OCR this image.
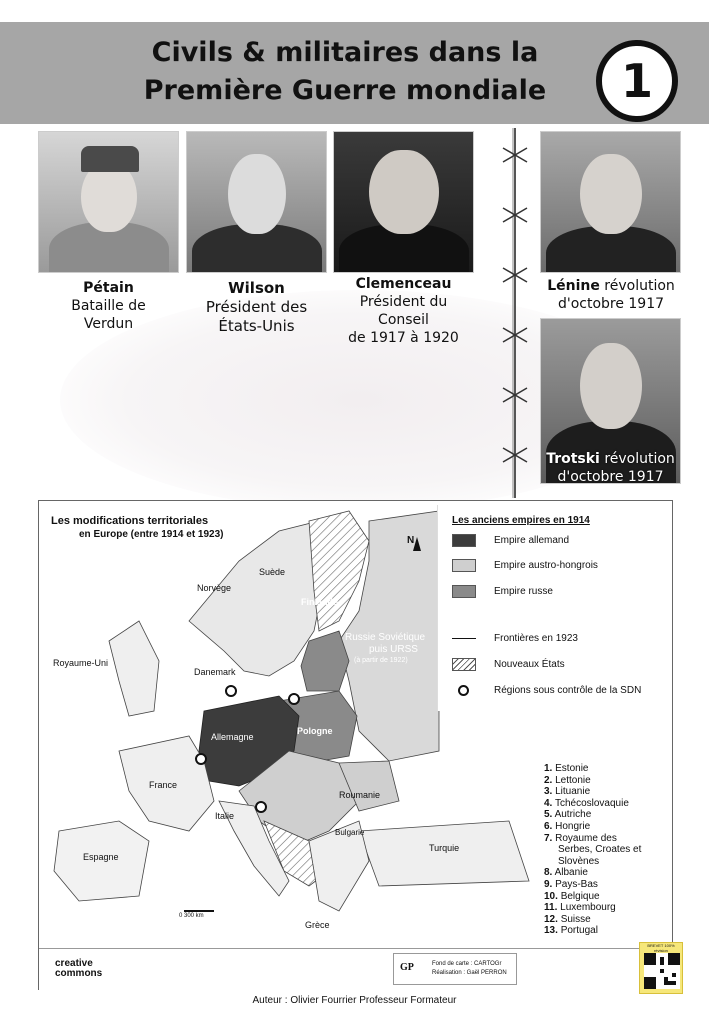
Civils & militaires dans la
Première Guerre mondiale	1
Pétain
Bataille de
Verdun
Wilson
Président des
États-Unis
Clemenceau
Président du
Conseil
de 1917 à 1920
Lénine révolution
d'octobre 1917
Trotski révolution
d'octobre 1917
Les modifications territoriales
en Europe (entre 1914 et 1923)
N
Suède
Norvège
Finlande
Russie Soviétique
puis URSS
(à partir de 1922)
Royaume-Uni
Danemark
Allemagne
Pologne
France
Roumanie
Italie
Bulgarie
Espagne
Turquie
Grèce
0 300 km
Les anciens empires en 1914
Empire allemand
Empire austro-hongrois
Empire russe
Frontières en 1923
Nouveaux États
Régions sous contrôle de la SDN
1. Estonie
2. Lettonie
3. Lituanie
4. Tchécoslovaquie
5. Autriche
6. Hongrie
7. Royaume des
Serbes, Croates et
Slovènes
8. Albanie
9. Pays-Bas
10. Belgique
11. Luxembourg
12. Suisse
13. Portugal
creative
commons
GP	Fond de carte : CARTOGr
Réalisation : Gaël PERRON
BREVET 100% révision
Auteur : Olivier Fourrier Professeur Formateur
